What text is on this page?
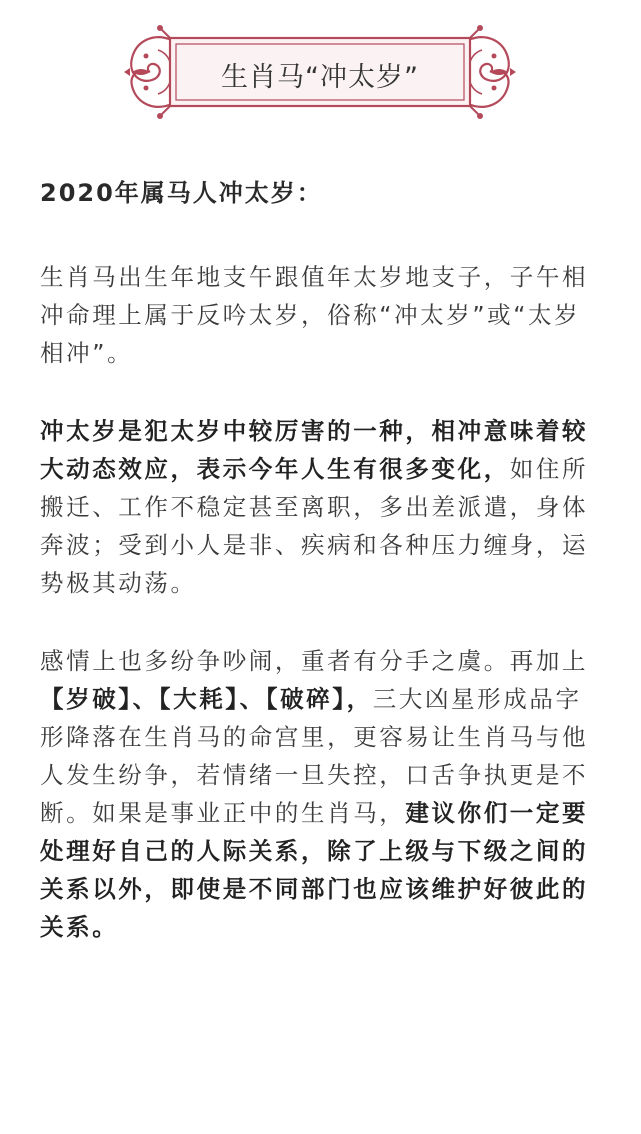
生肖马“冲太岁”
2020年属马人冲太岁：

生肖马出生年地支午跟值年太岁地支子，子午相冲命理上属于反吟太岁，俗称“冲太岁”或“太岁相冲”。

冲太岁是犯太岁中较厉害的一种，相冲意味着较大动态效应，表示今年人生有很多变化，如住所搬迁、工作不稳定甚至离职，多出差派遣，身体奔波；受到小人是非、疾病和各种压力缠身，运势极其动荡。

感情上也多纷争吵闹，重者有分手之虞。再加上【岁破】、【大耗】、【破碎】，三大凶星形成品字形降落在生肖马的命宫里，更容易让生肖马与他人发生纷争，若情绪一旦失控，口舌争执更是不断。如果是事业正中的生肖马，建议你们一定要处理好自己的人际关系，除了上级与下级之间的关系以外，即使是不同部门也应该维护好彼此的关系。
